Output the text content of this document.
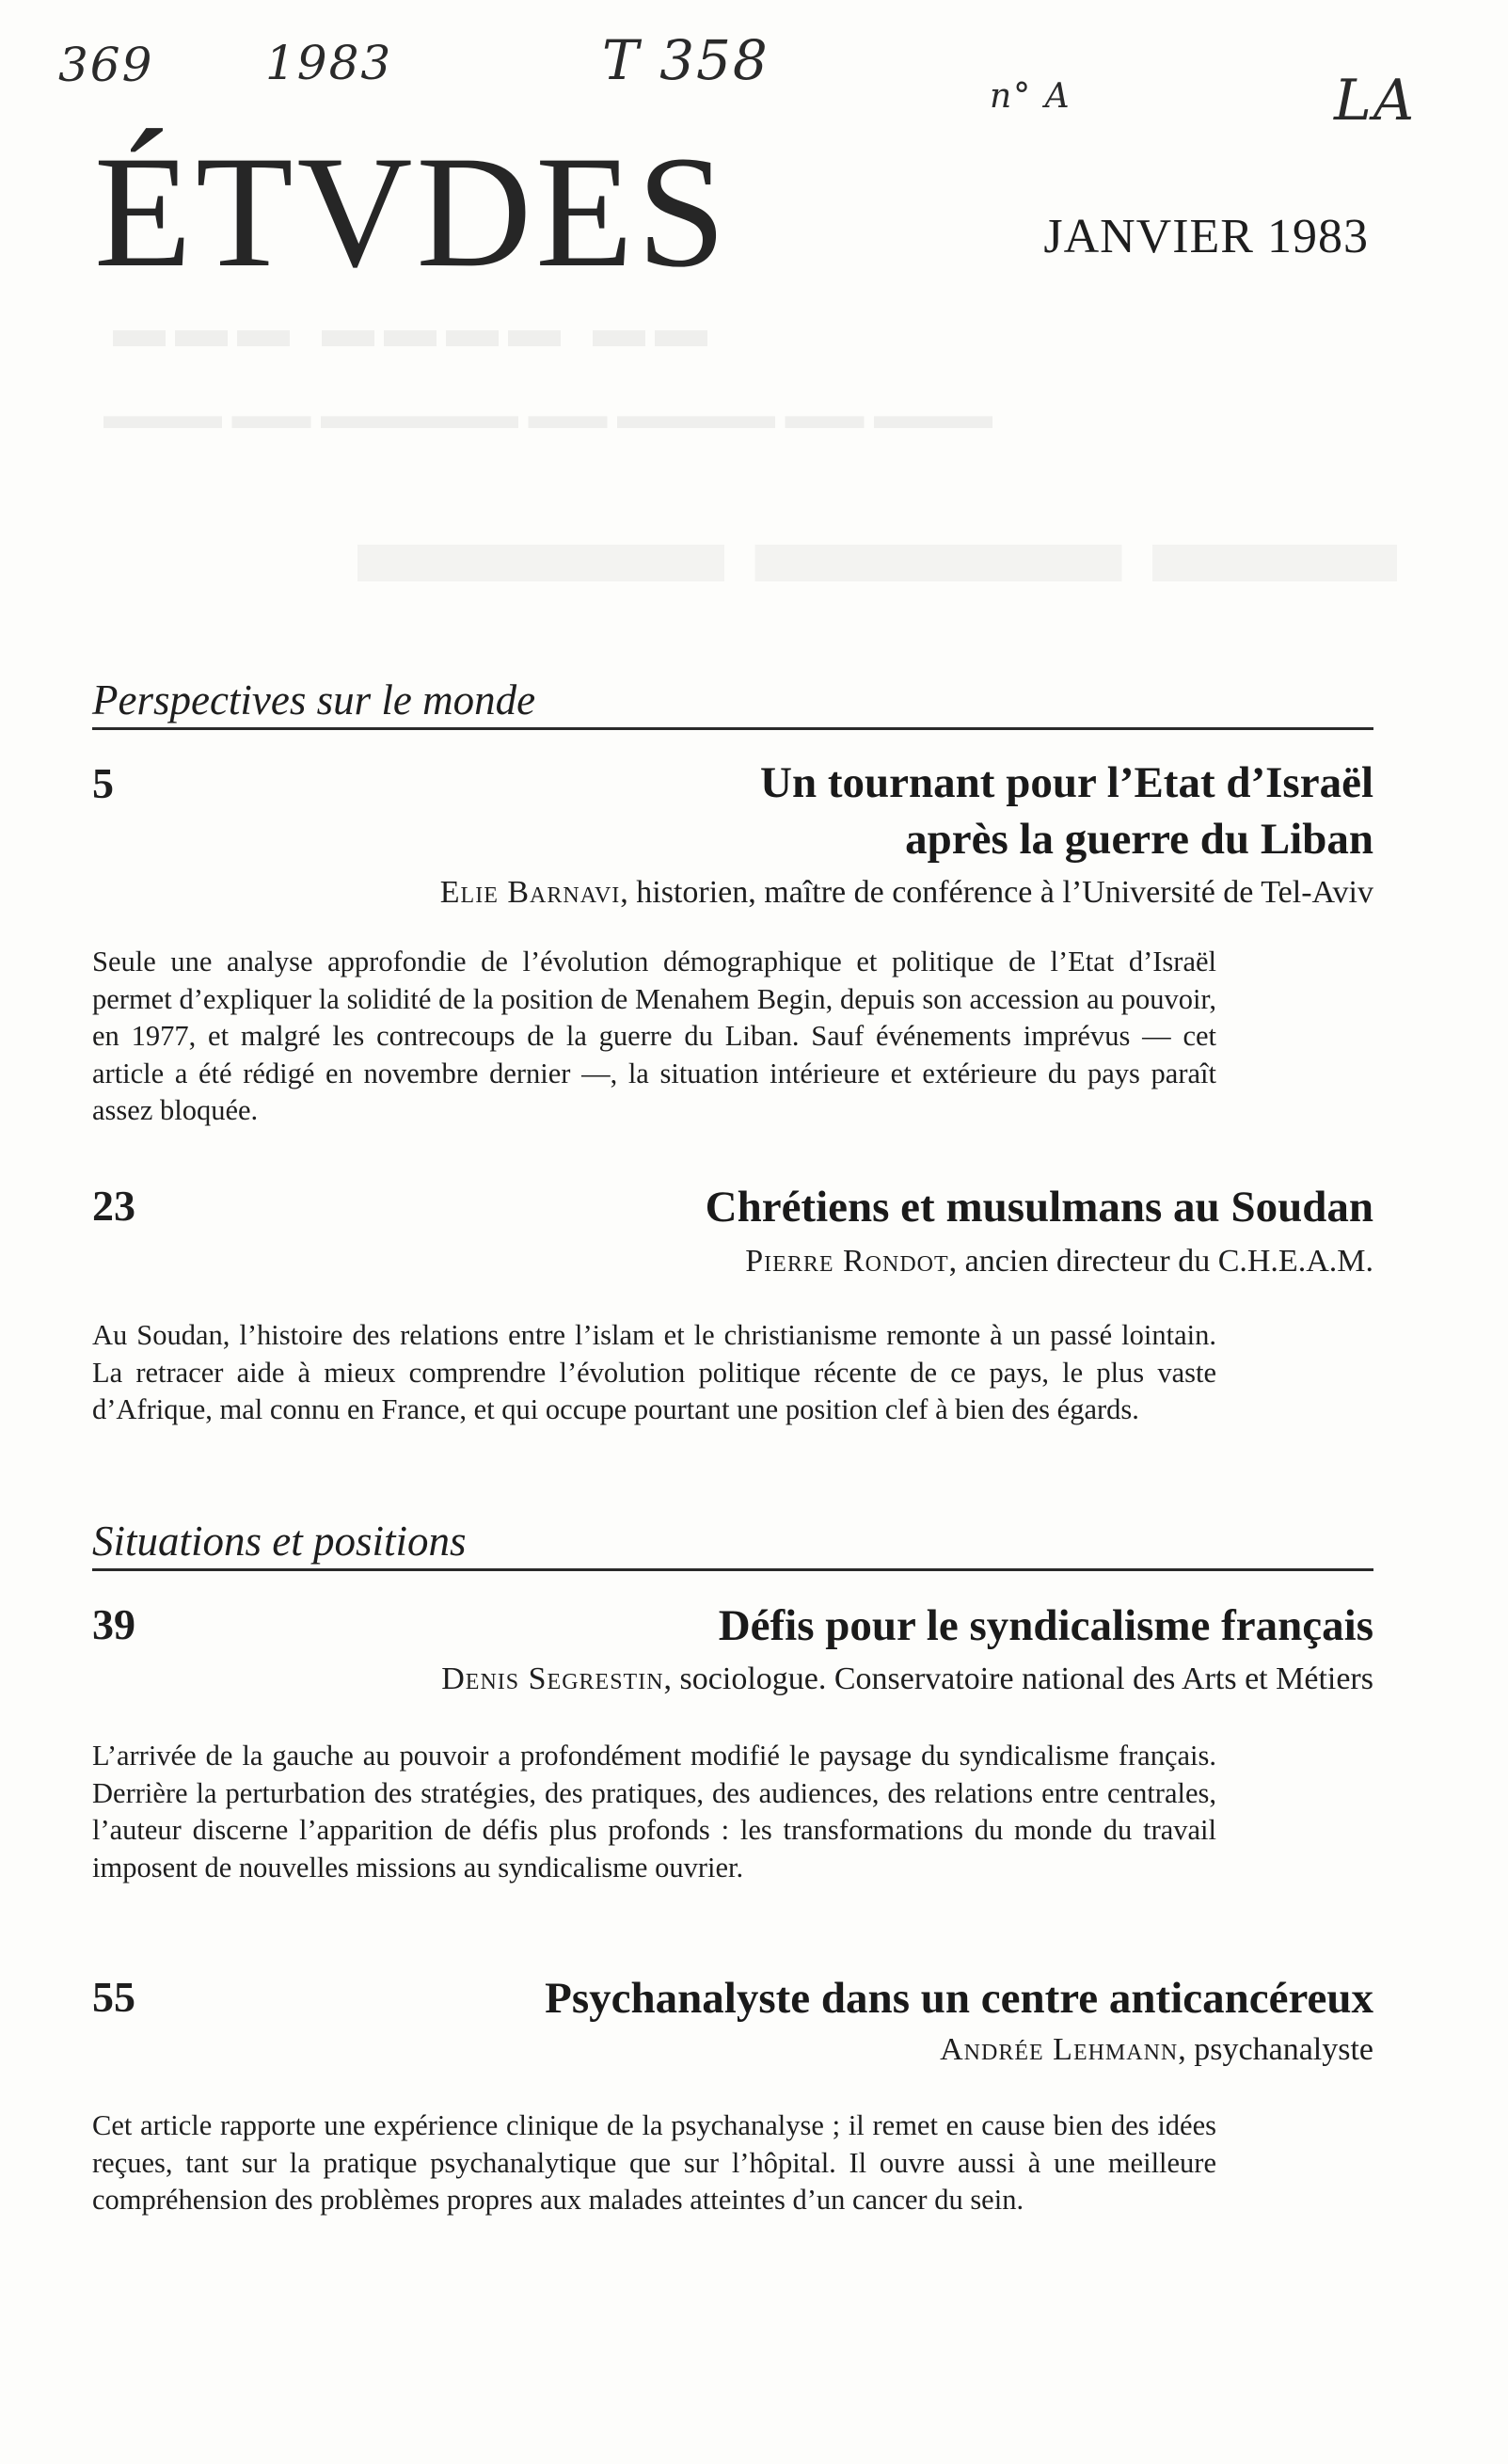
369 1983	T 358
n° A	LA
▬▬ ▬▬▬▬ ▬▬▬
▬▬▬ ▬▬ ▬▬▬▬ ▬▬ ▬▬▬▬▬ ▬▬ ▬▬▬
ÉTVDES	JANVIER 1983
Perspectives sur le monde
5	Un tournant pour l’Etat d’Israël
après la guerre du Liban
Elie Barnavi, historien, maître de conférence à l’Université de Tel-Aviv
Seule une analyse approfondie de l’évolution démographique et politique de l’Etat d’Israël permet d’expliquer la solidité de la position de Menahem Begin, depuis son accession au pouvoir, en 1977, et malgré les contrecoups de la guerre du Liban. Sauf événements imprévus — cet article a été rédigé en novembre dernier —, la situation intérieure et extérieure du pays paraît assez bloquée.
23	Chrétiens et musulmans au Soudan
Pierre Rondot, ancien directeur du C.H.E.A.M.
Au Soudan, l’histoire des relations entre l’islam et le christianisme remonte à un passé lointain. La retracer aide à mieux comprendre l’évolution politique récente de ce pays, le plus vaste d’Afrique, mal connu en France, et qui occupe pourtant une position clef à bien des égards.
Situations et positions
39	Défis pour le syndicalisme français
Denis Segrestin, sociologue. Conservatoire national des Arts et Métiers
L’arrivée de la gauche au pouvoir a profondément modifié le paysage du syndicalisme français. Derrière la perturbation des stratégies, des pratiques, des audiences, des relations entre centrales, l’auteur discerne l’apparition de défis plus profonds : les transformations du monde du travail imposent de nouvelles missions au syndicalisme ouvrier.
55	Psychanalyste dans un centre anticancéreux
Andrée Lehmann, psychanalyste
Cet article rapporte une expérience clinique de la psychanalyse ; il remet en cause bien des idées reçues, tant sur la pratique psychanalytique que sur l’hôpital. Il ouvre aussi à une meilleure compréhension des problèmes propres aux malades atteintes d’un cancer du sein.
